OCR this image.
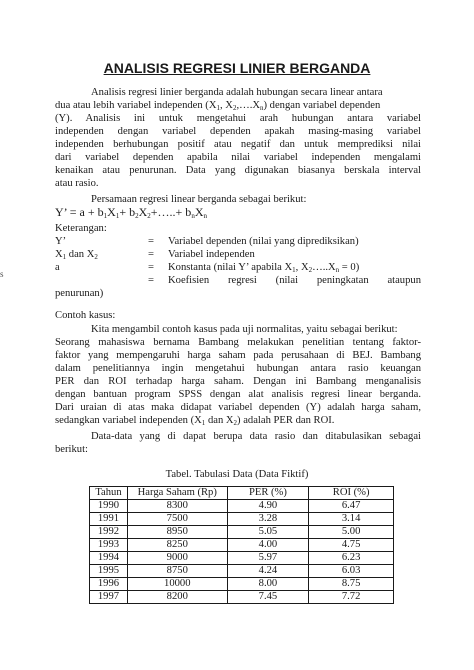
ANALISIS REGRESI LINIER BERGANDA
Analisis regresi linier berganda adalah hubungan secara linear antara
dua atau lebih variabel independen ($X_1$, $X_2,\dots.X_n$) dengan variabel dependen
(Y). Analisis ini untuk mengetahui arah hubungan antara variabel
independen dengan variabel dependen apakah masing-masing variabel
independen berhubungan positif atau negatif dan untuk memprediksi nilai
dari variabel dependen apabila nilai variabel independen mengalami
kenaikan atau penurunan. Data yang digunakan biasanya berskala interval
atau rasio.
Persamaan regresi linear berganda sebagai berikut:
Y’ = $a + b_1X_1+$ $b_2X_2+\dots..+ b_nX_n$
Keterangan:
Y’	= Variabel dependen (nilai yang diprediksikan)
$X_1$ dan $X_2$	= Variabel independen
a	= Konstanta (nilai Y’ apabila $X_1$, $X_2\dots..X_n = 0$)
= Koefisien regresi (nilai peningkatan ataupun
penurunan)
s
Contoh kasus:
Kita mengambil contoh kasus pada uji normalitas, yaitu sebagai berikut:
Seorang mahasiswa bernama Bambang melakukan penelitian tentang faktor-
faktor yang mempengaruhi harga saham pada perusahaan di BEJ. Bambang
dalam penelitiannya ingin mengetahui hubungan antara rasio keuangan
PER dan ROI terhadap harga saham. Dengan ini Bambang menganalisis
dengan bantuan program SPSS dengan alat analisis regresi linear berganda.
Dari uraian di atas maka didapat variabel dependen (Y) adalah harga saham,
sedangkan variabel independen ($X_1$ dan $X_2$) adalah PER dan ROI.
Data-data yang di dapat berupa data rasio dan ditabulasikan sebagai
berikut:
Tabel. Tabulasi Data (Data Fiktif)
Tahun	Harga Saham (Rp)	PER (%)	ROI (%)
1990	8300	4.90	6.47
1991	7500	3.28	3.14
1992	8950	5.05	5.00
1993	8250	4.00	4.75
1994	9000	5.97	6.23
1995	8750	4.24	6.03
1996	10000	8.00	8.75
1997	8200	7.45	7.72
